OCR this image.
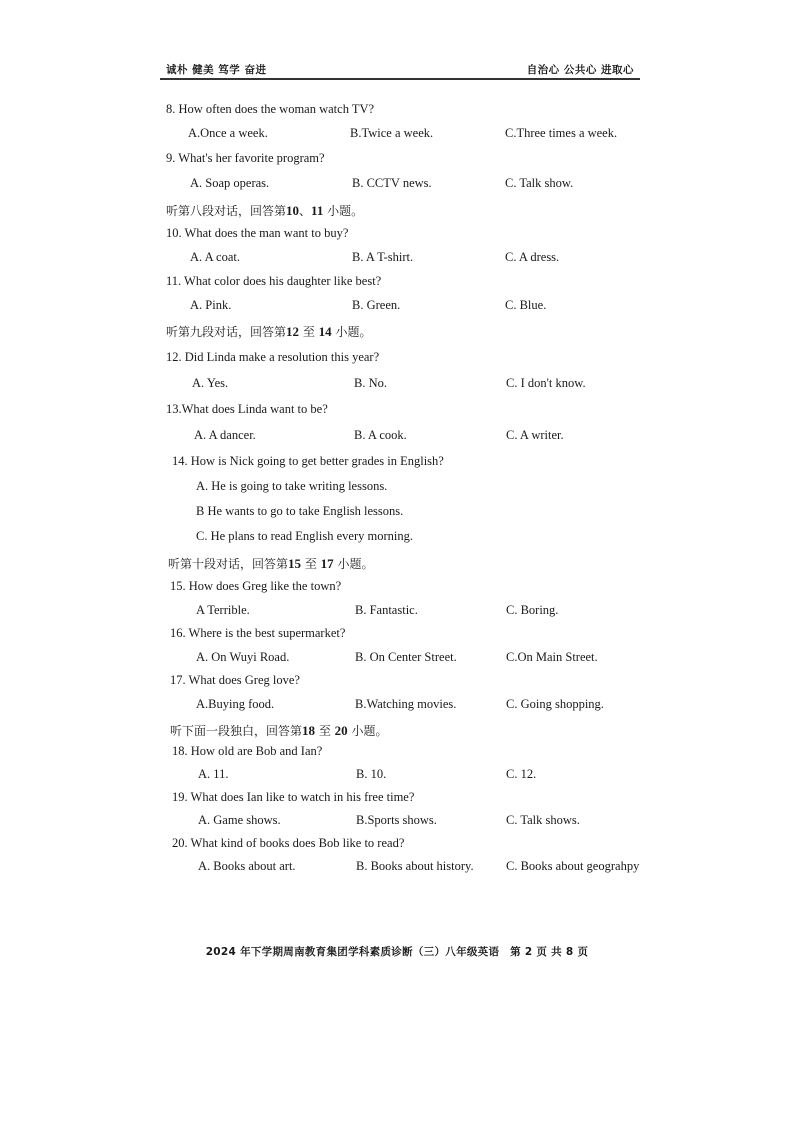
诚朴 健美 笃学 奋进	自治心 公共心 进取心
8. How often does the woman watch TV?
A.Once a week.	B.Twice a week.	C.Three times a week.
9. What's her favorite program?
A. Soap operas.	B. CCTV news.	C. Talk show.
听第八段对话，回答第10、11 小题。
10. What does the man want to buy?
A. A coat.	B. A T-shirt.	C. A dress.
11. What color does his daughter like best?
A. Pink.	B. Green.	C. Blue.
听第九段对话，回答第12 至 14 小题。
12. Did Linda make a resolution this year?
A. Yes.	B. No.	C. I don't know.
13.What does Linda want to be?
A. A dancer.	B. A cook.	C. A writer.
14. How is Nick going to get better grades in English?
A. He is going to take writing lessons.
B He wants to go to take English lessons.
C. He plans to read English every morning.
听第十段对话，回答第15 至 17 小题。
15. How does Greg like the town?
A Terrible.	B. Fantastic.	C. Boring.
16. Where is the best supermarket?
A. On Wuyi Road.	B. On Center Street.	C.On Main Street.
17. What does Greg love?
A.Buying food.	B.Watching movies.	C. Going shopping.
听下面一段独白，回答第18 至 20 小题。
18. How old are Bob and Ian?
A. 11.	B. 10.	C. 12.
19. What does Ian like to watch in his free time?
A. Game shows.	B.Sports shows.	C. Talk shows.
20. What kind of books does Bob like to read?
A. Books about art.	B. Books about history.	C. Books about geograhpy
2024 年下学期周南教育集团学科素质诊断（三）八年级英语　第 2 页 共 8 页
